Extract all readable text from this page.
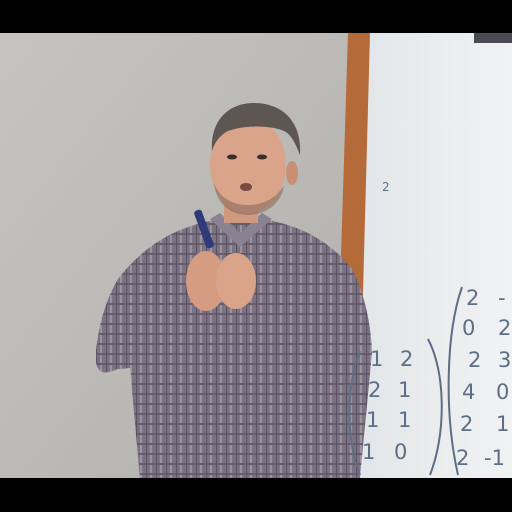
2
1 2
2 1
1 1
1 0
2 -
0 2
2 3
4 0
2 1
2 -1
